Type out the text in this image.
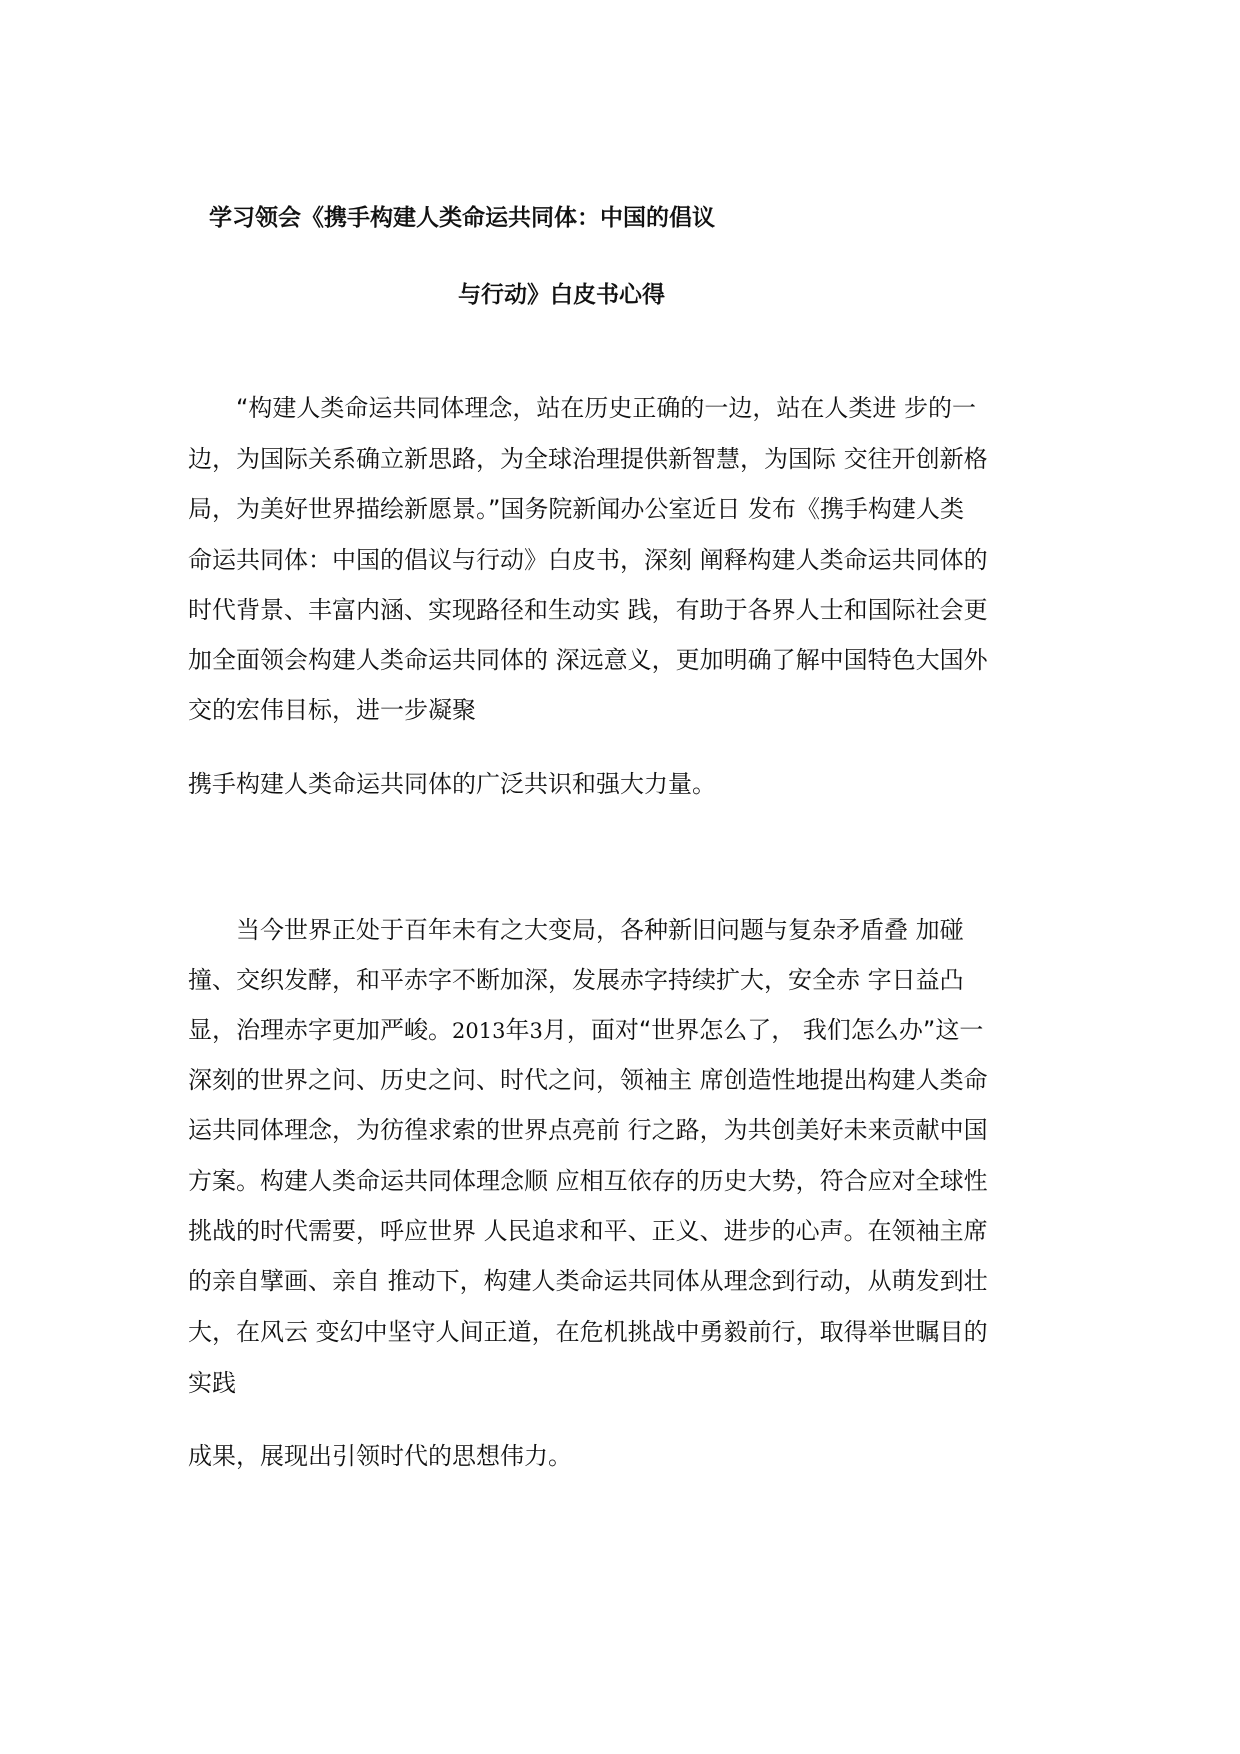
学习领会《携手构建人类命运共同体：中国的倡议
与行动》白皮书心得
　　“构建人类命运共同体理念，站在历史正确的一边，站在人类进 步的一
边，为国际关系确立新思路，为全球治理提供新智慧，为国际 交往开创新格
局，为美好世界描绘新愿景。”国务院新闻办公室近日 发布《携手构建人类
命运共同体：中国的倡议与行动》白皮书，深刻 阐释构建人类命运共同体的
时代背景、丰富内涵、实现路径和生动实 践，有助于各界人士和国际社会更
加全面领会构建人类命运共同体的 深远意义，更加明确了解中国特色大国外
交的宏伟目标，进一步凝聚
携手构建人类命运共同体的广泛共识和强大力量。
　　当今世界正处于百年未有之大变局，各种新旧问题与复杂矛盾叠 加碰
撞、交织发酵，和平赤字不断加深，发展赤字持续扩大，安全赤 字日益凸
显，治理赤字更加严峻。2013年3月，面对“世界怎么了， 我们怎么办”这一
深刻的世界之问、历史之问、时代之问，领袖主 席创造性地提出构建人类命
运共同体理念，为彷徨求索的世界点亮前 行之路，为共创美好未来贡献中国
方案。构建人类命运共同体理念顺 应相互依存的历史大势，符合应对全球性
挑战的时代需要，呼应世界 人民追求和平、正义、进步的心声。在领袖主席
的亲自擘画、亲自 推动下，构建人类命运共同体从理念到行动，从萌发到壮
大，在风云 变幻中坚守人间正道，在危机挑战中勇毅前行，取得举世瞩目的
实践
成果，展现出引领时代的思想伟力。
